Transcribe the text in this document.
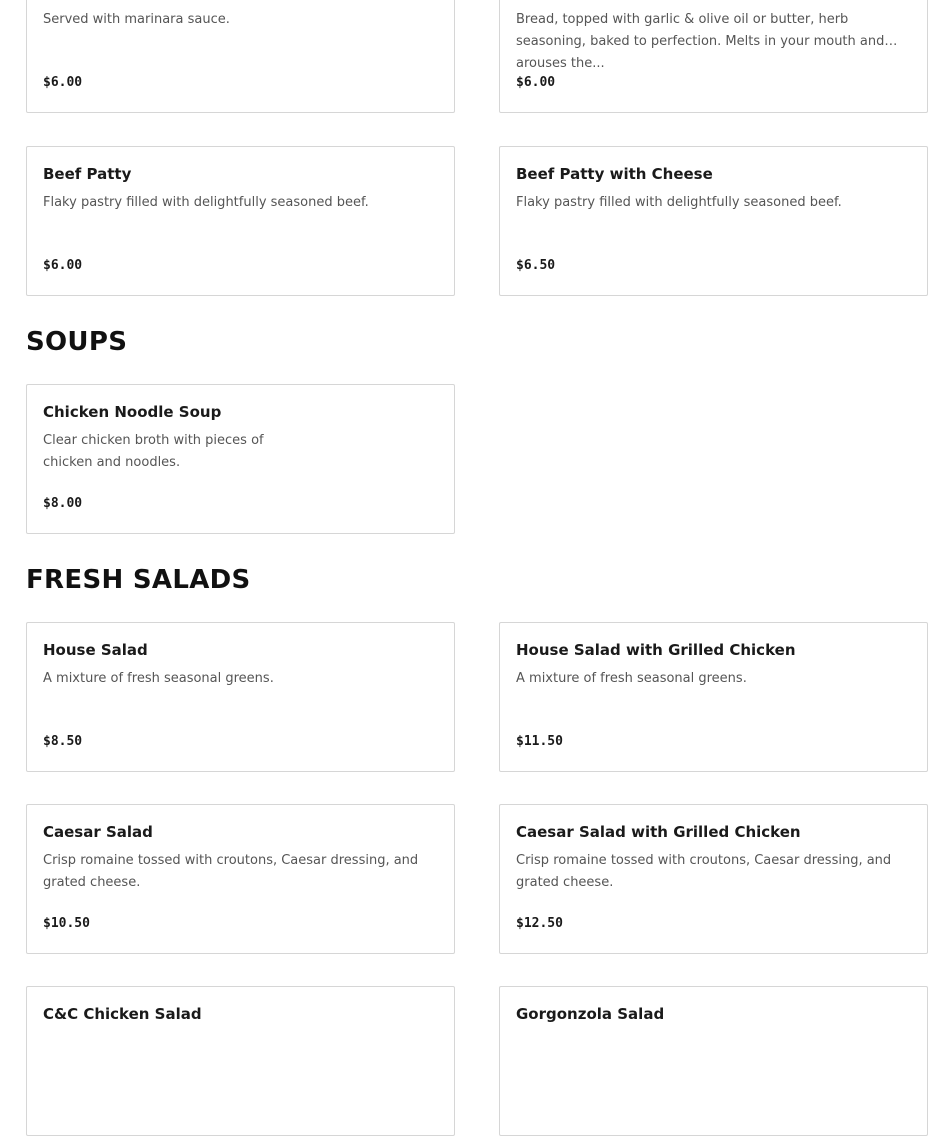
Served with marinara sauce.
$6.00
Bread, topped with garlic & olive oil or butter, herb seasoning, baked to perfection. Melts in your mouth and arouses the...
$6.00
Beef Patty
Flaky pastry filled with delightfully seasoned beef.
$6.00
Beef Patty with Cheese
Flaky pastry filled with delightfully seasoned beef.
$6.50
SOUPS
Chicken Noodle Soup
Clear chicken broth with pieces of chicken and noodles.
$8.00
FRESH SALADS
House Salad
A mixture of fresh seasonal greens.
$8.50
House Salad with Grilled Chicken
A mixture of fresh seasonal greens.
$11.50
Caesar Salad
Crisp romaine tossed with croutons, Caesar dressing, and grated cheese.
$10.50
Caesar Salad with Grilled Chicken
Crisp romaine tossed with croutons, Caesar dressing, and grated cheese.
$12.50
C&C Chicken Salad	Gorgonzola Salad
